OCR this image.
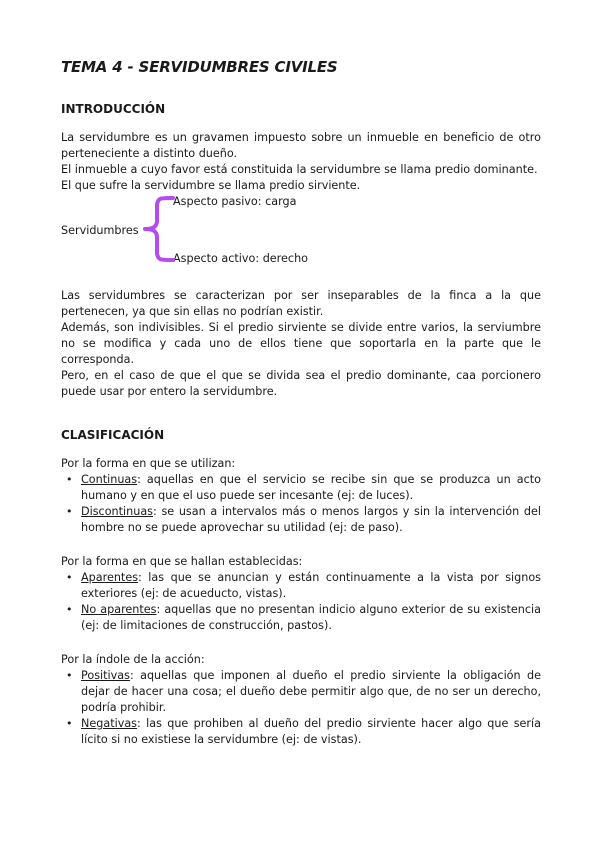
TEMA 4 - SERVIDUMBRES CIVILES
INTRODUCCIÓN

La servidumbre es un gravamen impuesto sobre un inmueble en beneficio de otro perteneciente a distinto dueño.

El inmueble a cuyo favor está constituida la servidumbre se llama predio dominante.

El que sufre la servidumbre se llama predio sirviente.

Aspecto pasivo: carga
Servidumbres
Aspecto activo: derecho

Las servidumbres se caracterizan por ser inseparables de la finca a la que pertenecen, ya que sin ellas no podrían existir.

Además, son indivisibles. Si el predio sirviente se divide entre varios, la serviumbre no se modifica y cada uno de ellos tiene que soportarla en la parte que le corresponda.

Pero, en el caso de que el que se divida sea el predio dominante, caa porcionero puede usar por entero la servidumbre.

CLASIFICACIÓN

Por la forma en que se utilizan:

• Continuas: aquellas en que el servicio se recibe sin que se produzca un acto humano y en que el uso puede ser incesante (ej: de luces).
• Discontinuas: se usan a intervalos más o menos largos y sin la intervención del hombre no se puede aprovechar su utilidad (ej: de paso).

Por la forma en que se hallan establecidas:

• Aparentes: las que se anuncian y están continuamente a la vista por signos exteriores (ej: de acueducto, vistas).
• No aparentes: aquellas que no presentan indicio alguno exterior de su existencia (ej: de limitaciones de construcción, pastos).

Por la índole de la acción:

• Positivas: aquellas que imponen al dueño el predio sirviente la obligación de dejar de hacer una cosa; el dueño debe permitir algo que, de no ser un derecho, podría prohibir.
• Negativas: las que prohiben al dueño del predio sirviente hacer algo que sería lícito si no existiese la servidumbre (ej: de vistas).
